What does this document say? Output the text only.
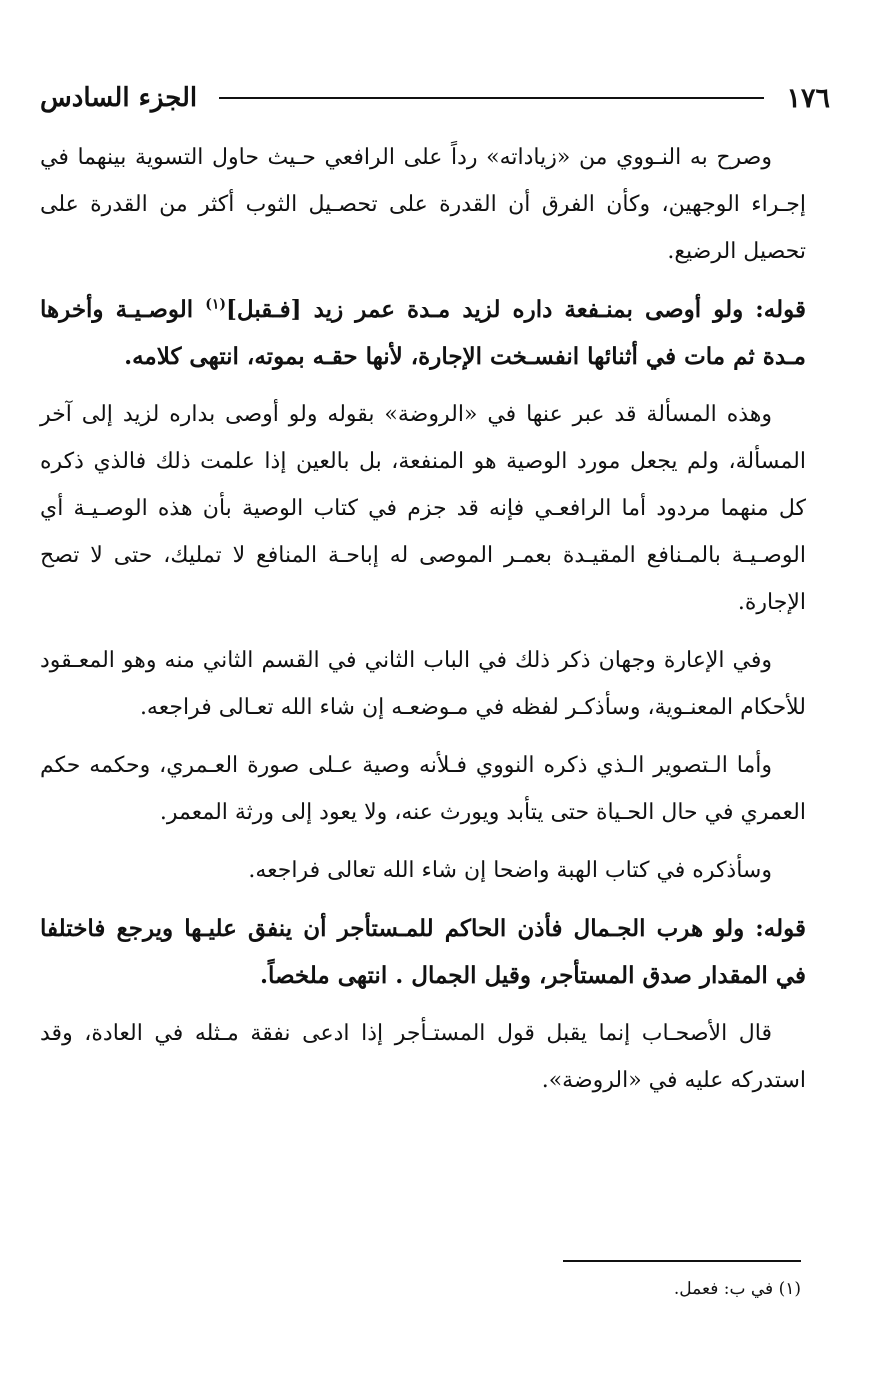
١٧٦
الجزء السادس

وصرح به النـووي من «زياداته» رداً على الرافعي حـيث حاول التسوية بينهما في إجـراء الوجهين، وكأن الفرق أن القدرة على تحصـيل الثوب أكثر من القدرة على تحصيل الرضيع.

قوله: ولو أوصى بمنـفعة داره لزيد مـدة عمر زيد [فـقبل]$^{(١)}$ الوصـيـة وأخرها مـدة ثم مات في أثنائها انفسـخت الإجارة، لأنها حقـه بموته، انتهى كلامه.

وهذه المسألة قد عبر عنها في «الروضة» بقوله ولو أوصى بداره لزيد إلى آخر المسألة، ولم يجعل مورد الوصية هو المنفعة، بل بالعين إذا علمت ذلك فالذي ذكره كل منهما مردود أما الرافعـي فإنه قد جزم في كتاب الوصية بأن هذه الوصـيـة أي الوصـيـة بالمـنافع المقيـدة بعمـر الموصى له إباحـة المنافع لا تمليك، حتى لا تصح الإجارة.

وفي الإعارة وجهان ذكر ذلك في الباب الثاني في القسم الثاني منه وهو المعـقود للأحكام المعنـوية، وسأذكـر لفظه في مـوضعـه إن شاء الله تعـالى فراجعه.

وأما الـتصوير الـذي ذكره النووي فـلأنه وصية عـلى صورة العـمري، وحكمه حكم العمري في حال الحـياة حتى يتأبد ويورث عنه، ولا يعود إلى ورثة المعمر.

وسأذكره في كتاب الهبة واضحا إن شاء الله تعالى فراجعه.

قوله: ولو هرب الجـمال فأذن الحاكم للمـستأجر أن ينفق عليـها ويرجع فاختلفا في المقدار صدق المستأجر، وقيل الجمال . انتهى ملخصاً.

قال الأصحـاب إنما يقبل قول المستـأجر إذا ادعى نفقة مـثله في العادة، وقد استدركه عليه في «الروضة».

(١) في ب: فعمل.
